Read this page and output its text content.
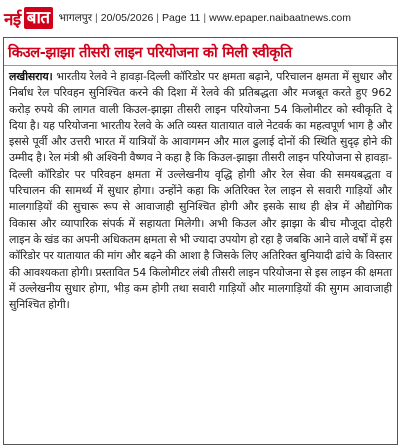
नई बात भागलपुर | 20/05/2026 | Page 11 | www.epaper.naibaatnews.com
किउल-झाझा तीसरी लाइन परियोजना को मिली स्वीकृति
लखीसराय। भारतीय रेलवे ने हावड़ा-दिल्ली कॉरिडोर पर क्षमता बढ़ाने, परिचालन क्षमता में सुधार और निर्बाध रेल परिवहन सुनिश्चित करने की दिशा में रेलवे की प्रतिबद्धता और मजबूत करते हुए 962 करोड़ रुपये की लागत वाली किउल-झाझा तीसरी लाइन परियोजना 54 किलोमीटर को स्वीकृति दे दिया है। यह परियोजना भारतीय रेलवे के अति व्यस्त यातायात वाले नेटवर्क का महत्वपूर्ण भाग है और इससे पूर्वी और उत्तरी भारत में यात्रियों के आवागमन और माल ढुलाई दोनों की स्थिति सुदृढ़ होने की उम्मीद है। रेल मंत्री श्री अश्विनी वैष्णव ने कहा है कि किउल-झाझा तीसरी लाइन परियोजना से हावड़ा-दिल्ली कॉरिडोर पर परिवहन क्षमता में उल्लेखनीय वृद्धि होगी और रेल सेवा की समयबद्धता व परिचालन की सामर्थ्य में सुधार होगा। उन्होंने कहा कि अतिरिक्त रेल लाइन से सवारी गाड़ियों और मालगाड़ियों की सुचारू रूप से आवाजाही सुनिश्चित होगी और इसके साथ ही क्षेत्र में औद्योगिक विकास और व्यापारिक संपर्क में सहायता मिलेगी। अभी किउल और झाझा के बीच मौजूदा दोहरी लाइन के खंड का अपनी अधिकतम क्षमता से भी ज्यादा उपयोग हो रहा है जबकि आने वाले वर्षों में इस कॉरिडोर पर यातायात की मांग और बढ़ने की आशा है जिसके लिए अतिरिक्त बुनियादी ढांचे के विस्तार की आवश्यकता होगी। प्रस्तावित 54 किलोमीटर लंबी तीसरी लाइन परियोजना से इस लाइन की क्षमता में उल्लेखनीय सुधार होगा, भीड़ कम होगी तथा सवारी गाड़ियों और मालगाड़ियों की सुगम आवाजाही सुनिश्चित होगी।
